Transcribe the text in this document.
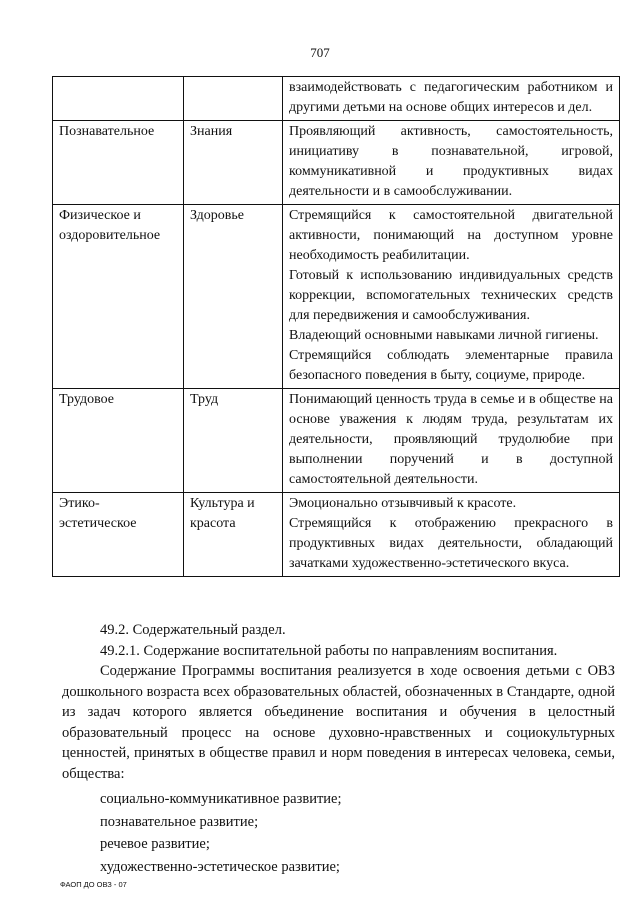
707

		взаимодействовать с педагогическим работником и другими детьми на основе общих интересов и дел.

Познавательное	Знания	Проявляющий активность, самостоятельность, инициативу в познавательной, игровой, коммуникативной и продуктивных видах деятельности и в самообслуживании.

Физическое и оздоровительное	Здоровье	Стремящийся к самостоятельной двигательной активности, понимающий на доступном уровне необходимость реабилитации.

Готовый к использованию индивидуальных средств коррекции, вспомогательных технических средств для передвижения и самообслуживания.

Владеющий основными навыками личной гигиены.

Стремящийся соблюдать элементарные правила безопасного поведения в быту, социуме, природе.

Трудовое	Труд	Понимающий ценность труда в семье и в обществе на основе уважения к людям труда, результатам их деятельности, проявляющий трудолюбие при выполнении поручений и в доступной самостоятельной деятельности.

Этико-эстетическое	Культура и красота	Эмоционально отзывчивый к красоте.

Стремящийся к отображению прекрасного в продуктивных видах деятельности, обладающий зачатками художественно-эстетического вкуса.

49.2. Содержательный раздел.

49.2.1. Содержание воспитательной работы по направлениям воспитания.

Содержание Программы воспитания реализуется в ходе освоения детьми с ОВЗ дошкольного возраста всех образовательных областей, обозначенных в Стандарте, одной из задач которого является объединение воспитания и обучения в целостный образовательный процесс на основе духовно-нравственных и социокультурных ценностей, принятых в обществе правил и норм поведения в интересах человека, семьи, общества:

социально-коммуникативное развитие;
познавательное развитие;
речевое развитие;
художественно-эстетическое развитие;
ФАОП ДО ОВЗ - 07
